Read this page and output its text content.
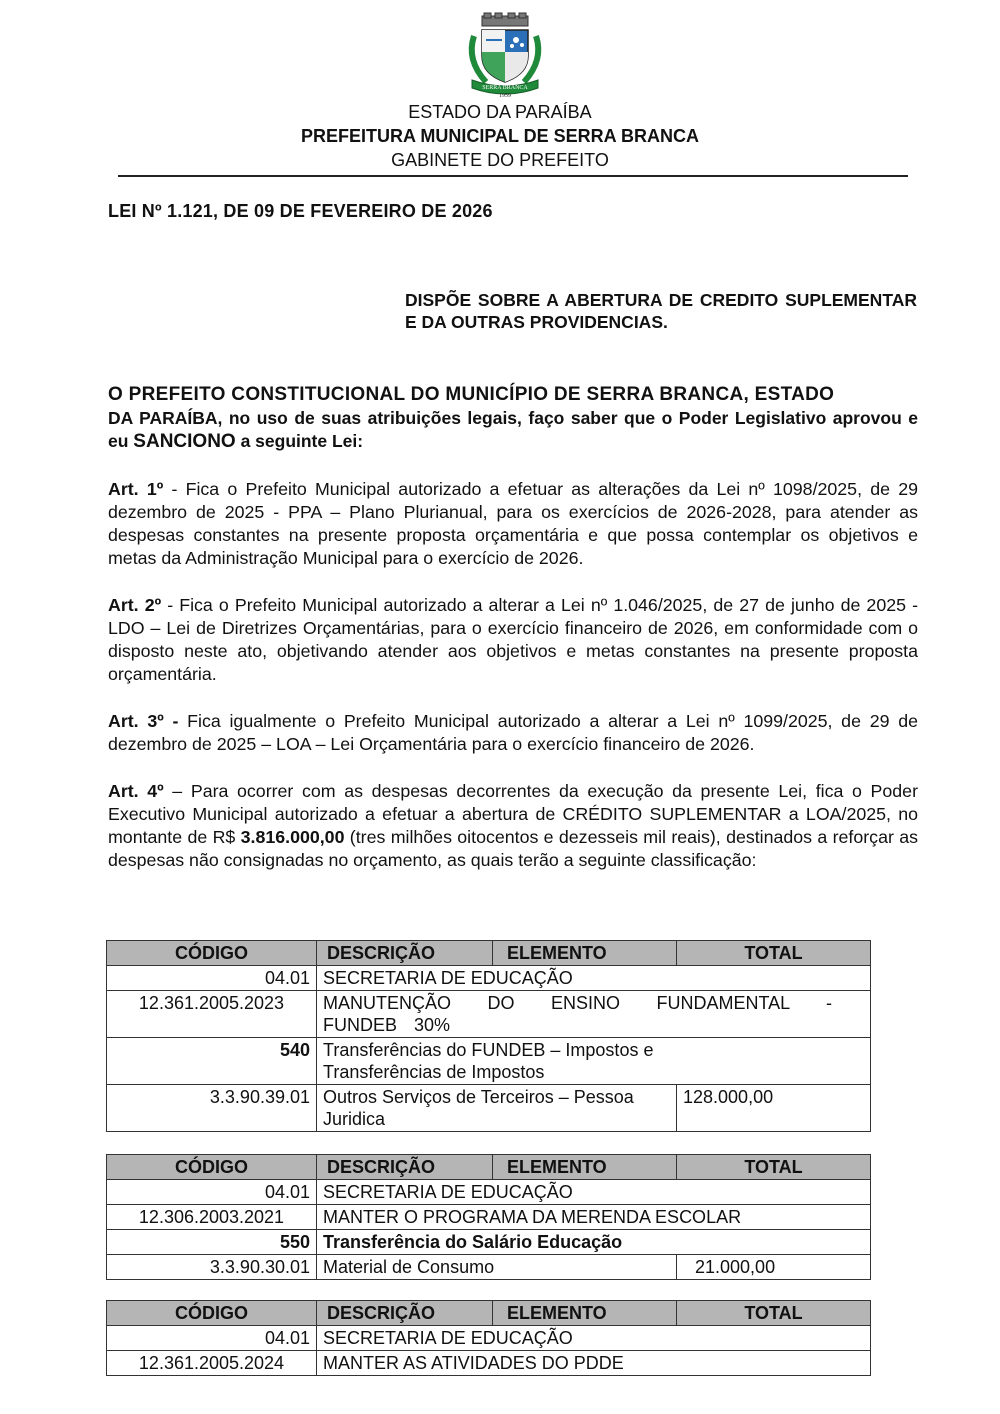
SERRA BRANCA
1959
ESTADO DA PARAÍBA
PREFEITURA MUNICIPAL DE SERRA BRANCA
GABINETE DO PREFEITO
LEI Nº 1.121, DE 09 DE FEVEREIRO DE 2026
DISPÕE SOBRE A ABERTURA DE CREDITO SUPLEMENTAR E DA OUTRAS PROVIDENCIAS.
O PREFEITO CONSTITUCIONAL DO MUNICÍPIO DE SERRA BRANCA, ESTADO
DA PARAÍBA, no uso de suas atribuições legais, faço saber que o Poder Legislativo aprovou e eu SANCIONO a seguinte Lei:
Art. 1º - Fica o Prefeito Municipal autorizado a efetuar as alterações da Lei nº 1098/2025, de 29 dezembro de 2025 - PPA – Plano Plurianual, para os exercícios de 2026-2028, para atender as despesas constantes na presente proposta orçamentária e que possa contemplar os objetivos e metas da Administração Municipal para o exercício de 2026.
Art. 2º - Fica o Prefeito Municipal autorizado a alterar a Lei nº 1.046/2025, de 27 de junho de 2025 - LDO – Lei de Diretrizes Orçamentárias, para o exercício financeiro de 2026, em conformidade com o disposto neste ato, objetivando atender aos objetivos e metas constantes na presente proposta orçamentária.
Art. 3º - Fica igualmente o Prefeito Municipal autorizado a alterar a Lei nº 1099/2025, de 29 de dezembro de 2025 – LOA – Lei Orçamentária para o exercício financeiro de 2026.
Art. 4º – Para ocorrer com as despesas decorrentes da execução da presente Lei, fica o Poder Executivo Municipal autorizado a efetuar a abertura de CRÉDITO SUPLEMENTAR a LOA/2025, no montante de R$ 3.816.000,00 (tres milhões oitocentos e dezesseis mil reais), destinados a reforçar as despesas não consignadas no orçamento, as quais terão a seguinte classificação:
CÓDIGO	DESCRIÇÃO	ELEMENTO	TOTAL
04.01	SECRETARIA DE EDUCAÇÃO		
12.361.2005.2023	MANUTENÇÃO DO ENSINO FUNDAMENTAL - FUNDEB 30%		
540	Transferências do FUNDEB – Impostos e Transferências de Impostos		
3.3.90.39.01	Outros Serviços de Terceiros – Pessoa Juridica		128.000,00
CÓDIGO	DESCRIÇÃO	ELEMENTO	TOTAL
04.01	SECRETARIA DE EDUCAÇÃO		
12.306.2003.2021	MANTER O PROGRAMA DA MERENDA ESCOLAR		
550	Transferência do Salário Educação		
3.3.90.30.01	Material de Consumo		21.000,00
CÓDIGO	DESCRIÇÃO	ELEMENTO	TOTAL
04.01	SECRETARIA DE EDUCAÇÃO		
12.361.2005.2024	MANTER AS ATIVIDADES DO PDDE		
